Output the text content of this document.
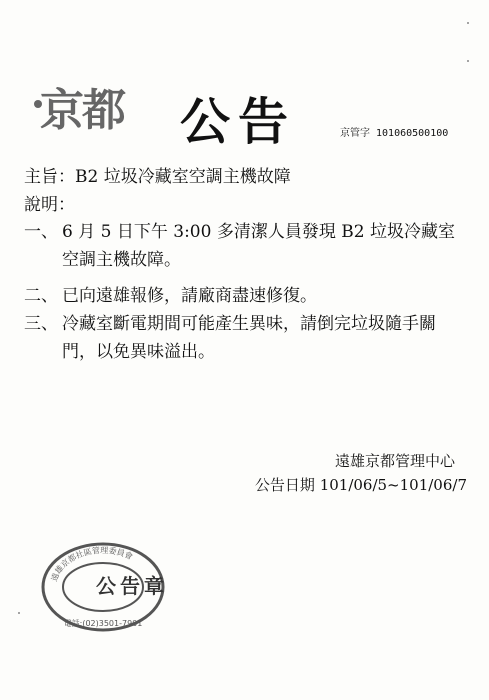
京都 公告	京管字 101060500100
主旨：B2 垃圾冷藏室空調主機故障
說明：
一、 6 月 5 日下午 3:00 多清潔人員發現 B2 垃圾冷藏室空調主機故障。
二、 已向遠雄報修，請廠商盡速修復。
三、 冷藏室斷電期間可能產生異味，請倒完垃圾隨手關門，以免異味溢出。
遠雄京都管理中心
公告日期 101/06/5~101/06/7
遠雄京都社區管理委員會
電話:(02)3501-7901
公告章
